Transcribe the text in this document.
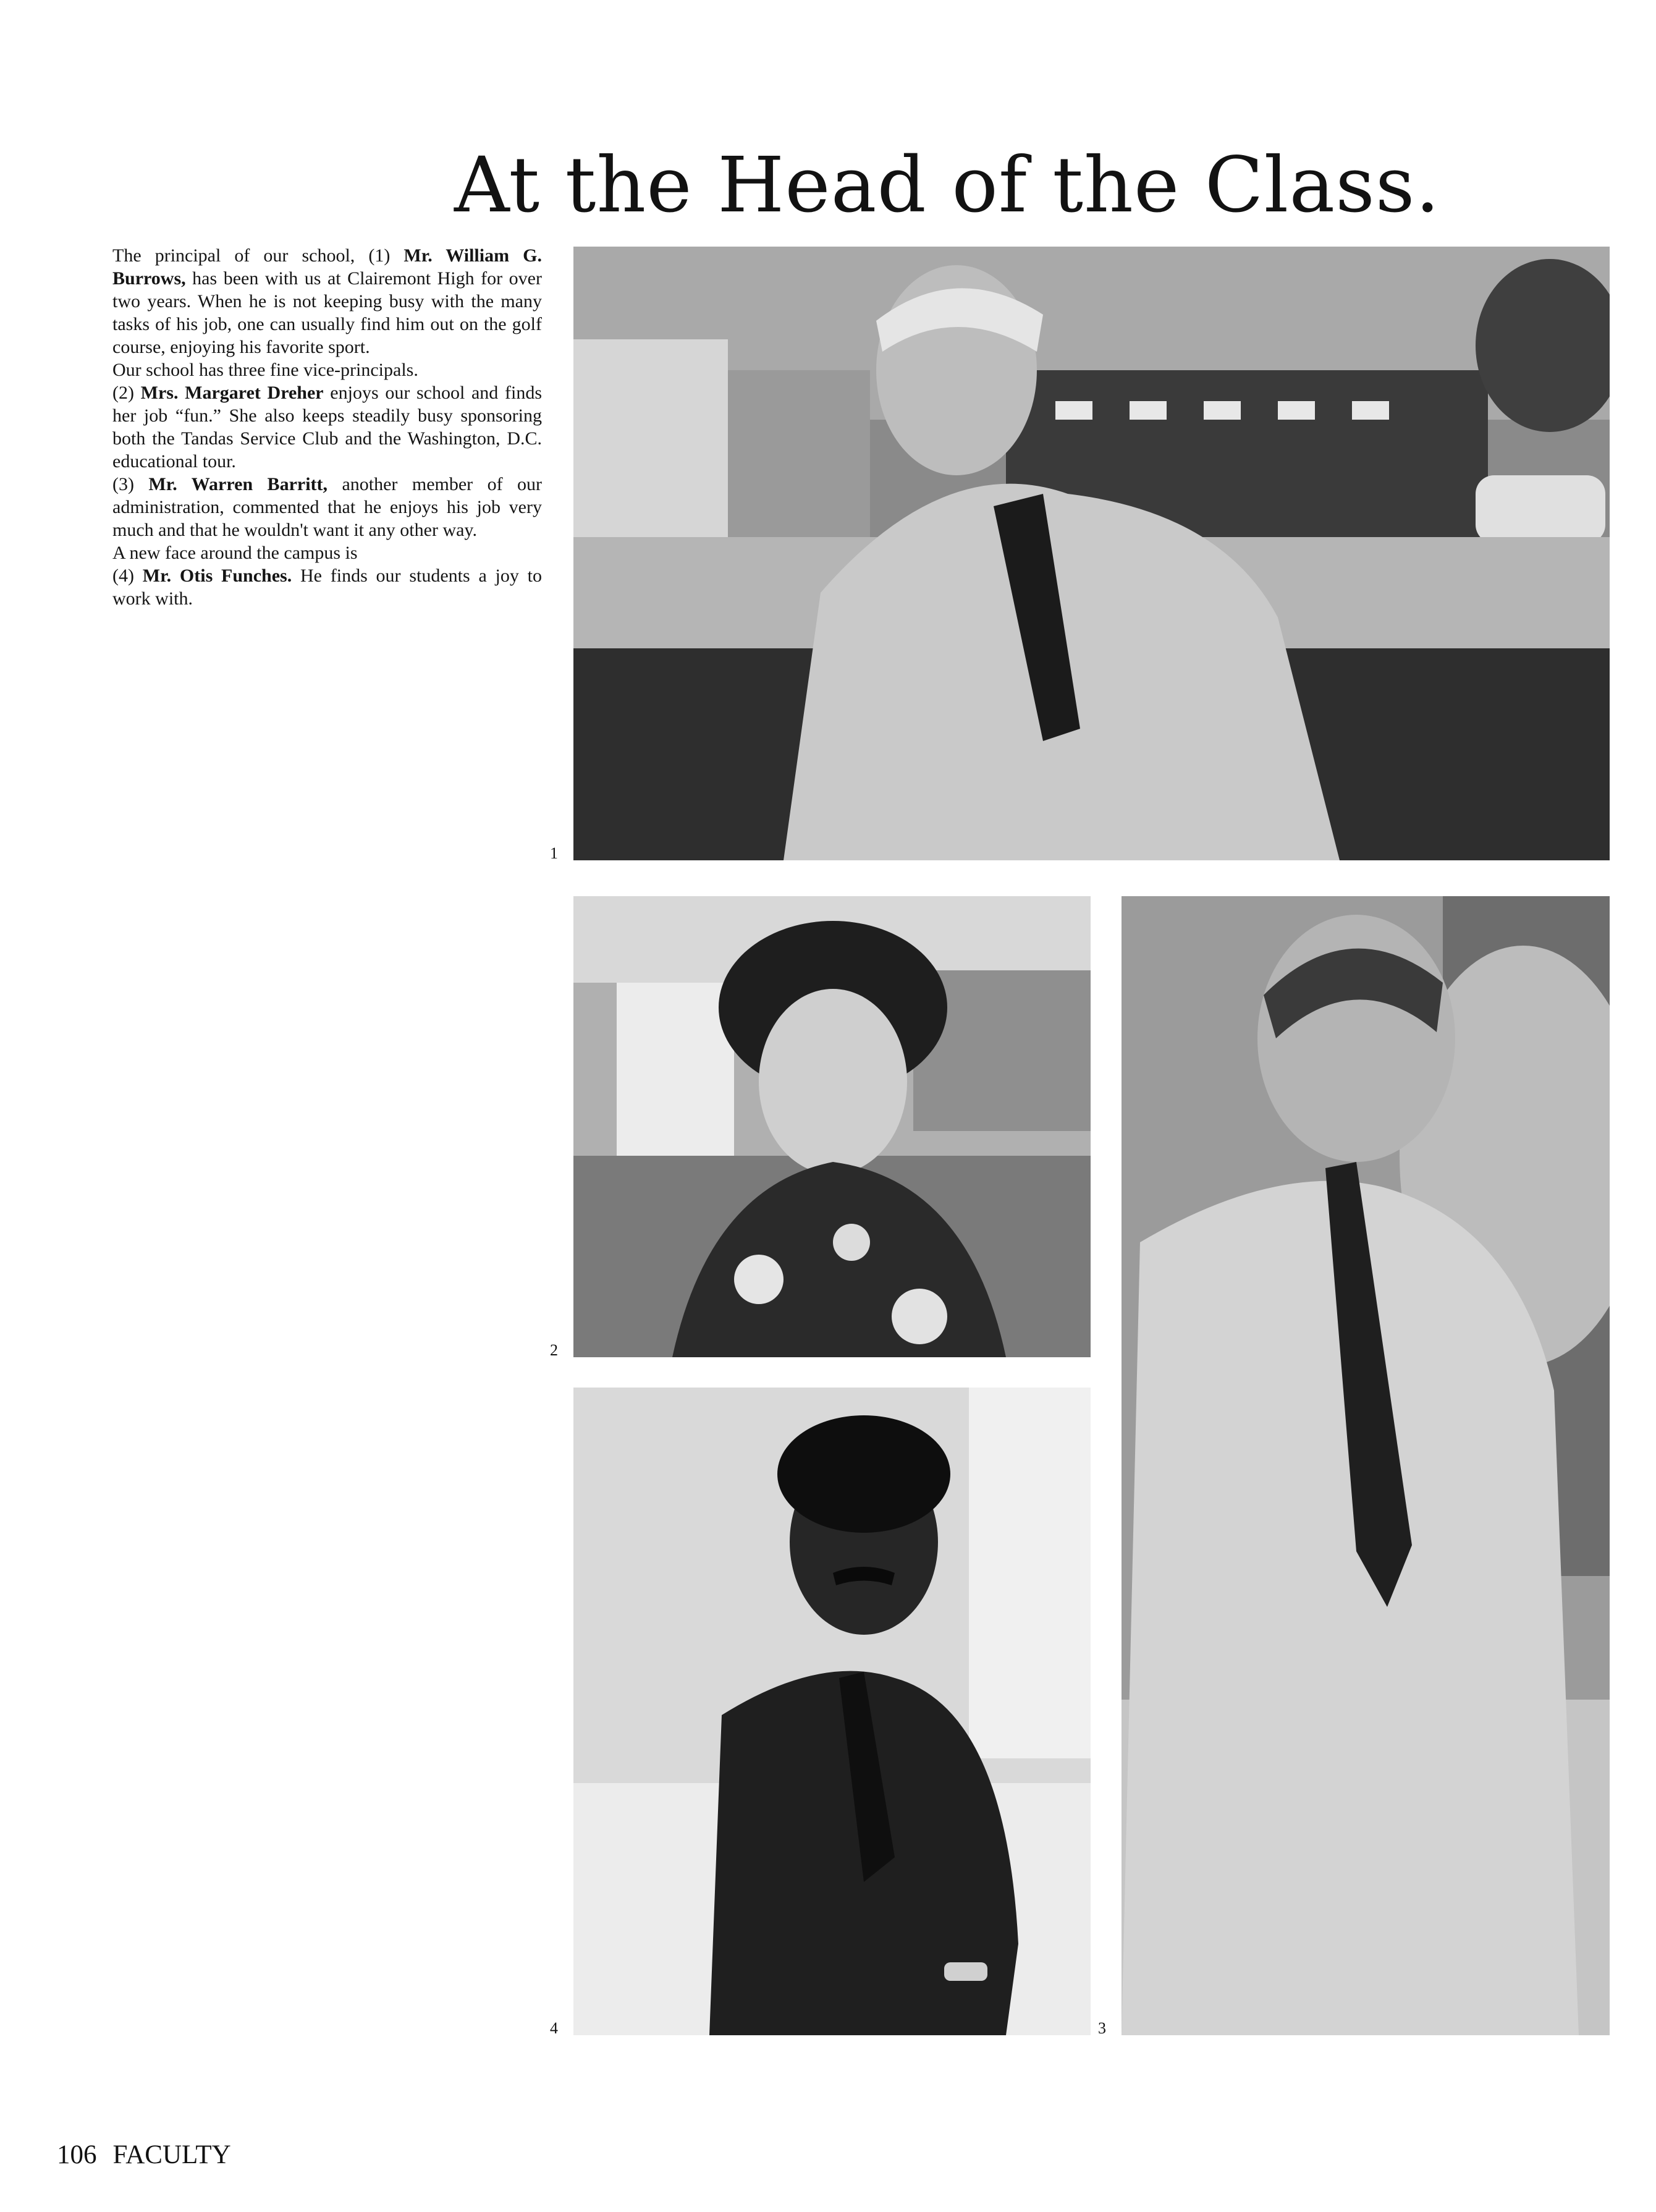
At the Head of the Class.

The principal of our school, (1) Mr. William G. Burrows, has been with us at Clairemont High for over two years. When he is not keeping busy with the many tasks of his job, one can usually find him out on the golf course, enjoying his favorite sport.

Our school has three fine vice-principals.

(2) Mrs. Margaret Dreher enjoys our school and finds her job “fun.” She also keeps steadily busy sponsoring both the Tandas Service Club and the Washington, D.C. educational tour.

(3) Mr. Warren Barritt, another member of our administration, commented that he enjoys his job very much and that he wouldn't want it any other way.

A new face around the campus is

(4) Mr. Otis Funches. He finds our students a joy to work with.

1
2
3
4
106 FACULTY
